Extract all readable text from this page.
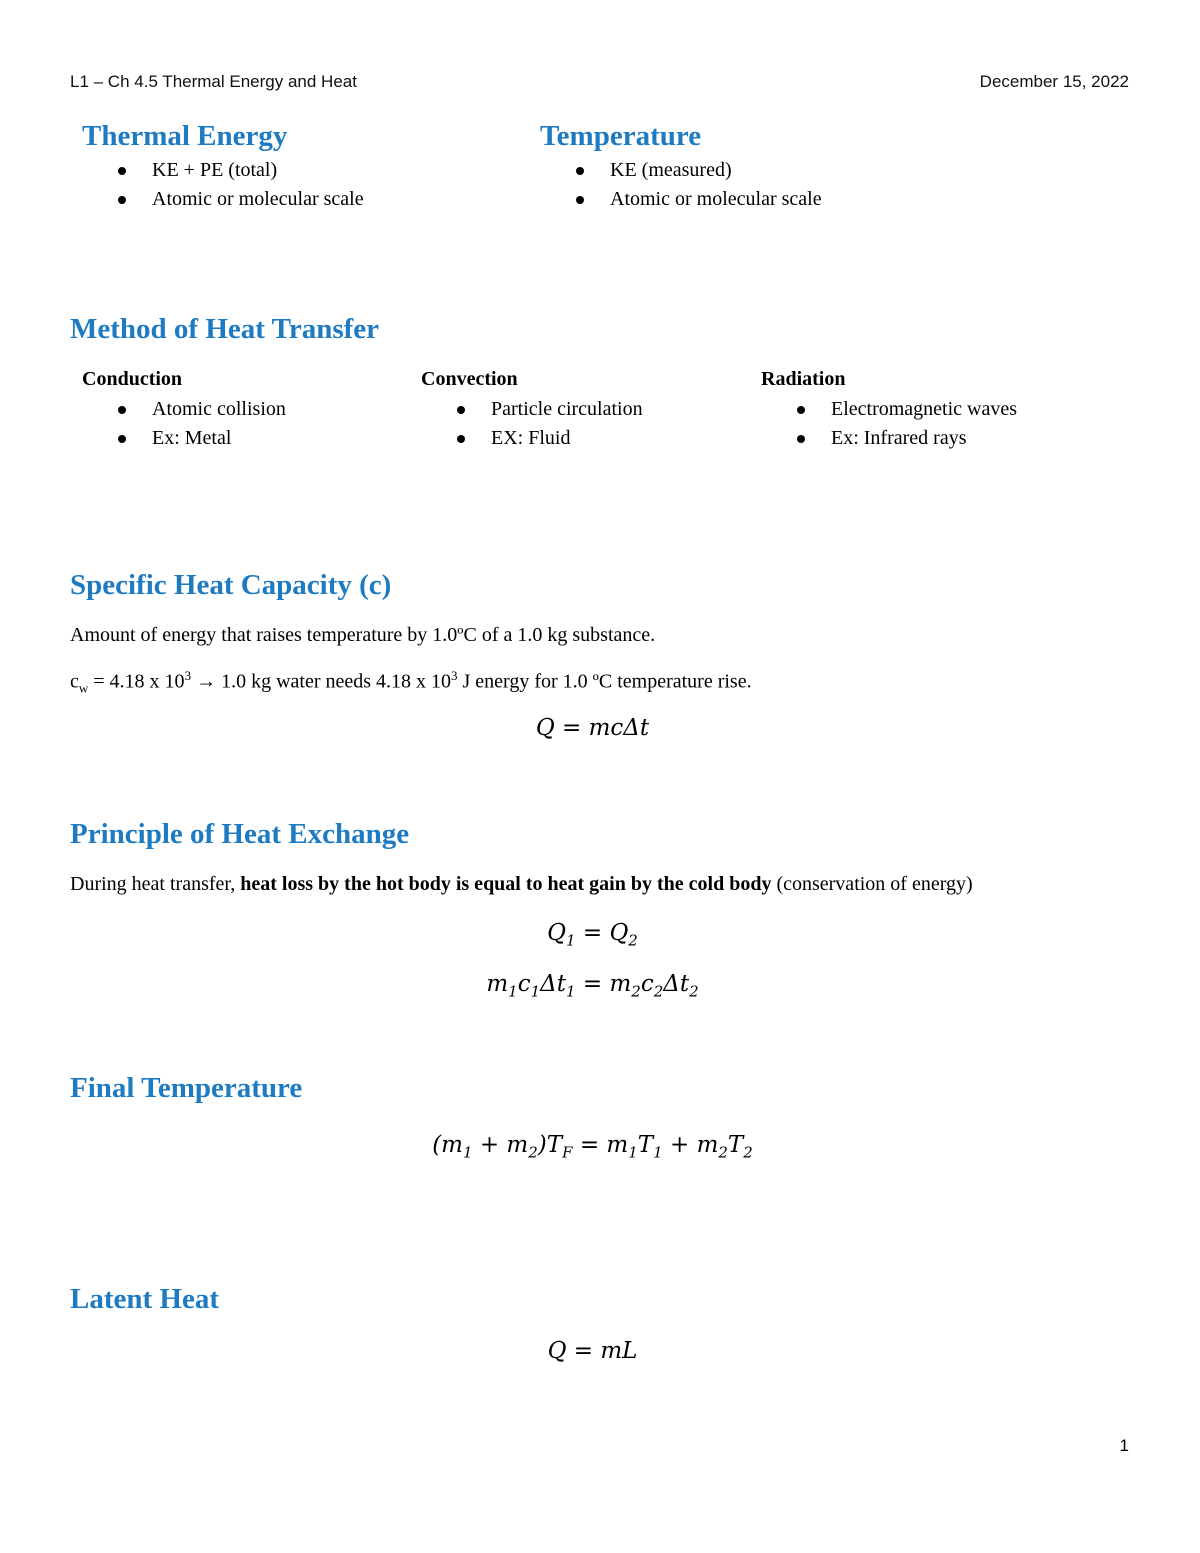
L1 – Ch 4.5 Thermal Energy and Heat	December 15, 2022
Thermal Energy
KE + PE (total)
Atomic or molecular scale
Temperature
KE (measured)
Atomic or molecular scale
Method of Heat Transfer
Conduction
Atomic collision
Ex: Metal
Convection
Particle circulation
EX: Fluid
Radiation
Electromagnetic waves
Ex: Infrared rays
Specific Heat Capacity (c)

Amount of energy that raises temperature by 1.0ºC of a 1.0 kg substance.

$c_w = 4.18$ x $10^3 \to 1.0$ kg water needs 4.18 x $10^3$ J energy for 1.0 ºC temperature rise.

Q = mcΔt

Principle of Heat Exchange

During heat transfer, heat loss by the hot body is equal to heat gain by the cold body (conservation of energy)

$Q_1 = Q_2$

$m_1c_1\Delta t_1 = m_2c_2\Delta t_2$

Final Temperature

$(m_1 + m_2)T_F = m_1T_1 + m_2T_2$

Latent Heat

Q = mL

1
